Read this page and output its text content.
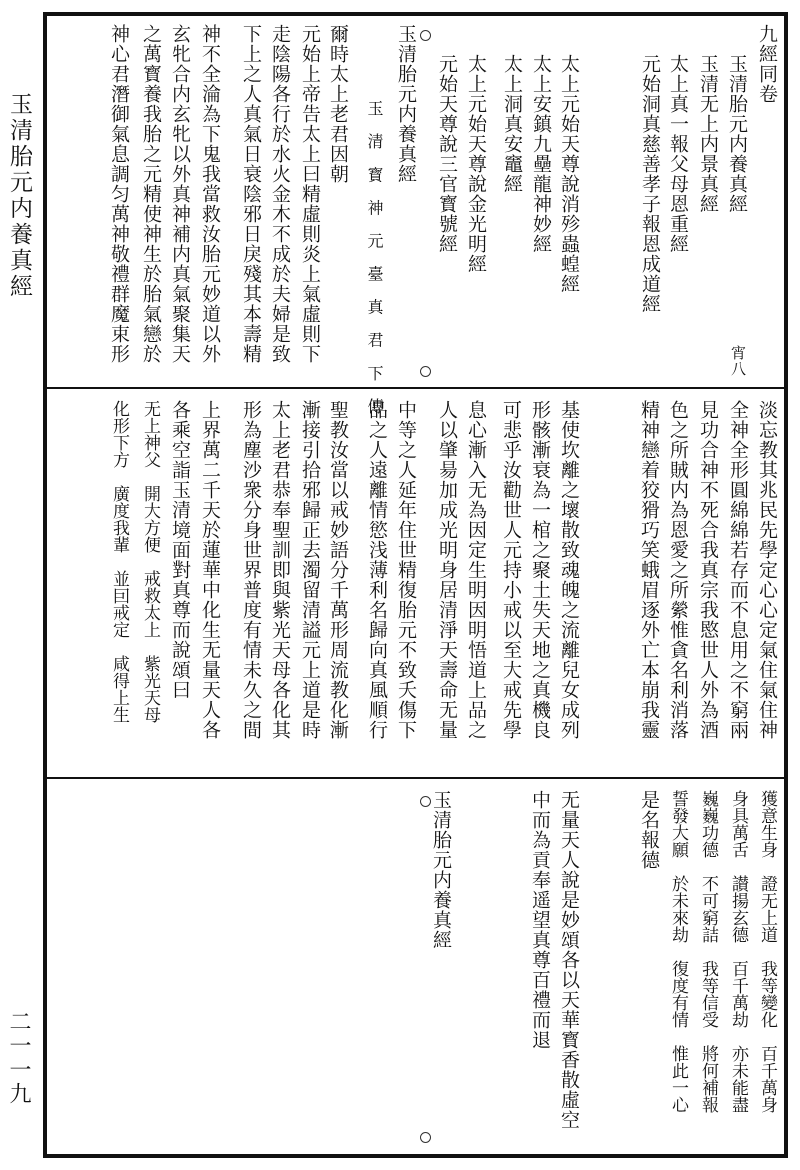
玉清胎元内養真經
二一一九
九經同卷
玉清胎元内養真經
玉清无上内景真經
太上真一報父母恩重經
元始洞真慈善孝子報恩成道經
太上元始天尊說消殄蟲蝗經
太上安鎮九壘龍神妙經
太上洞真安竈經
太上元始天尊說金光明經
元始天尊說三官寳號經
宵八
玉清胎元内養真經
玉 清 寳 神 元 臺 真 君 下 傳
爾時太上老君因朝
元始上帝告太上曰精虛則炎上氣虛則下
走陰陽各行於水火金木不成於夫婦是致
下上之人真氣日衰陰邪日戾殘其本壽精
神不全淪為下鬼我當救汝胎元妙道以外
玄牝合内玄牝以外真神補内真氣聚集天
之萬寳養我胎之元精使神生於胎氣戀於
神心君潛御氣息調匀萬神敬禮群魔束形
淡忘教其兆民先學定心心定氣住氣住神
全神全形圓綿綿若存而不息用之不窮兩
見功合神不死合我真宗我愍世人外為酒
色之所賊内為恩愛之所縈惟貪名利消落
精神戀着狡猾巧笑蛾眉逐外亡本崩我靈
基使坎離之壞散致魂魄之流離兒女成列
形骸漸衰為一棺之聚土失天地之真機良
可悲乎汝勸世人元持小戒以至大戒先學
息心漸入无為因定生明因明悟道上品之
人以肇昜加成光明身居清淨天壽命无量
中等之人延年住世精復胎元不致夭傷下
品之人遠離情慾浅薄利名歸向真風順行
聖教汝當以戒妙語分千萬形周流教化漸
漸接引拾邪歸正去濁留清謚元上道是時
太上老君恭奉聖訓即與紫光天母各化其
形為塵沙衆分身世界普度有情未久之間
上界萬二千天於蓮華中化生无量天人各
各乘空詣玉清境面對真尊而說頌曰
无上神父　開大方便　戒救太上　紫光天母
化形下方　廣度我輩　並囙戒定　咸得上生
獲意生身　證无上道　我等變化　百千萬身
身具萬舌　讃揚玄德　百千萬劫　亦未能盡
巍巍功德　不可窮詰　我等信受　將何補報
誓發大願　於未來劫　復度有情　惟此一心
是名報德
无量天人說是妙頌各以天華寳香散虛空
中而為貢奉遥望真尊百禮而退
玉清胎元内養真經
